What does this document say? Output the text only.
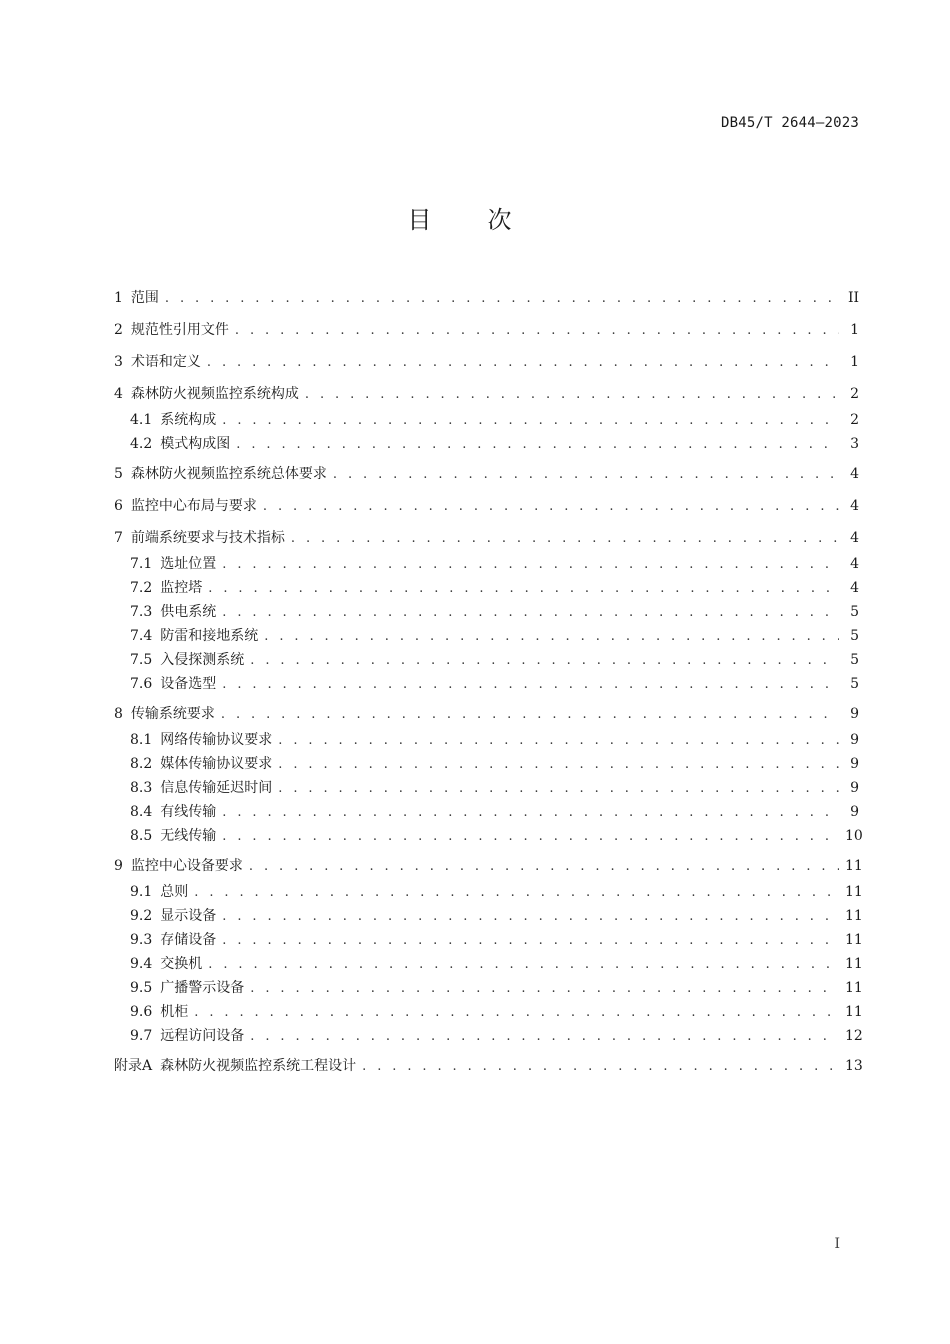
DB45/T 2644—2023
目次
1 范围 . . .	II
2 规范性引用文件 . . .	1
3 术语和定义 . . .	1
4 森林防火视频监控系统构成 . . .	2
4.1 系统构成 . . .	2
4.2 模式构成图 . . .	3
5 森林防火视频监控系统总体要求 . . .	4
6 监控中心布局与要求 . . .	4
7 前端系统要求与技术指标 . . .	4
7.1 选址位置 . . .	4
7.2 监控塔 . . .	4
7.3 供电系统 . . .	5
7.4 防雷和接地系统 . . .	5
7.5 入侵探测系统 . . .	5
7.6 设备选型 . . .	5
8 传输系统要求 . . .	9
8.1 网络传输协议要求 . . .	9
8.2 媒体传输协议要求 . . .	9
8.3 信息传输延迟时间 . . .	9
8.4 有线传输 . . .	9
8.5 无线传输 . . .	10
9 监控中心设备要求 . . .	11
9.1 总则 . . .	11
9.2 显示设备 . . .	11
9.3 存储设备 . . .	11
9.4 交换机 . . .	11
9.5 广播警示设备 . . .	11
9.6 机柜 . . .	11
9.7 远程访问设备 . . .	12
附录A 森林防火视频监控系统工程设计 . . .	13
I
